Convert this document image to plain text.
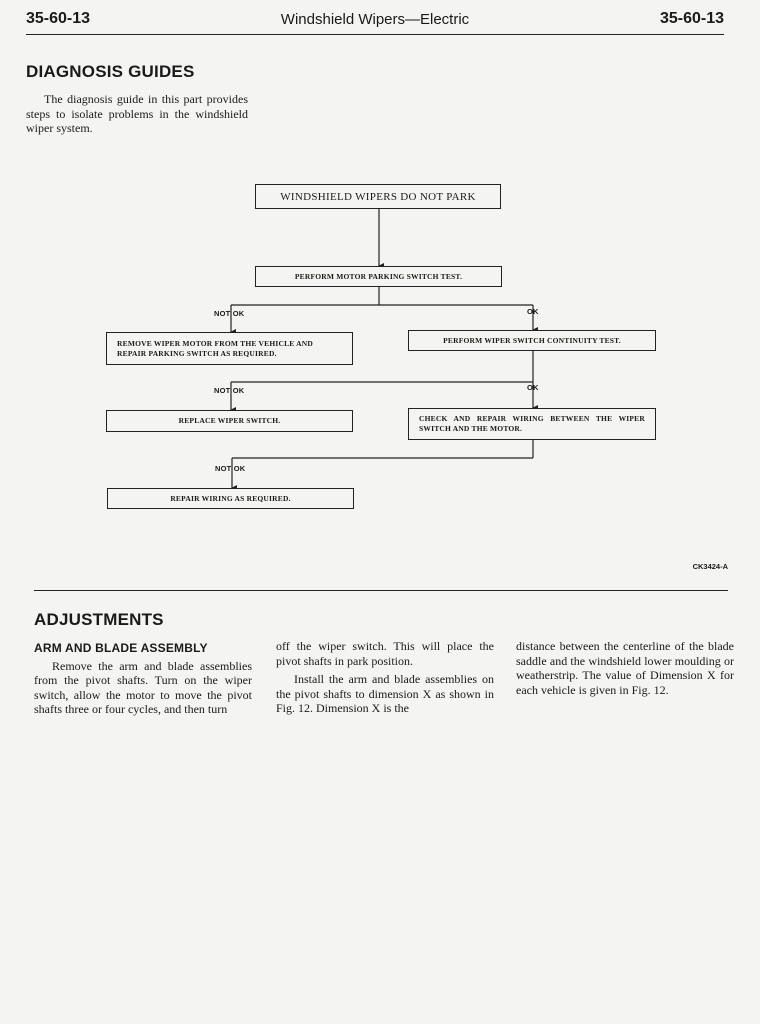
35-60-13	Windshield Wipers—Electric	35-60-13
DIAGNOSIS GUIDES

The diagnosis guide in this part provides steps to isolate problems in the windshield wiper system.

WINDSHIELD WIPERS DO NOT PARK
PERFORM MOTOR PARKING SWITCH TEST.
NOT OK	OK
REMOVE WIPER MOTOR FROM THE VEHICLE AND REPAIR PARKING SWITCH AS REQUIRED.
PERFORM WIPER SWITCH CONTINUITY TEST.
NOT OK	OK
REPLACE WIPER SWITCH.	CHECK AND REPAIR WIRING BETWEEN THE WIPER SWITCH AND THE MOTOR.
NOT OK
REPAIR WIRING AS REQUIRED.
CK3424-A
ADJUSTMENTS
ARM AND BLADE ASSEMBLY

Remove the arm and blade assemblies from the pivot shafts. Turn on the wiper switch, allow the motor to move the pivot shafts three or four cycles, and then turn

off the wiper switch. This will place the pivot shafts in park position.

Install the arm and blade assemblies on the pivot shafts to dimension X as shown in Fig. 12. Dimension X is the

distance between the centerline of the blade saddle and the windshield lower moulding or weatherstrip. The value of Dimension X for each vehicle is given in Fig. 12.
